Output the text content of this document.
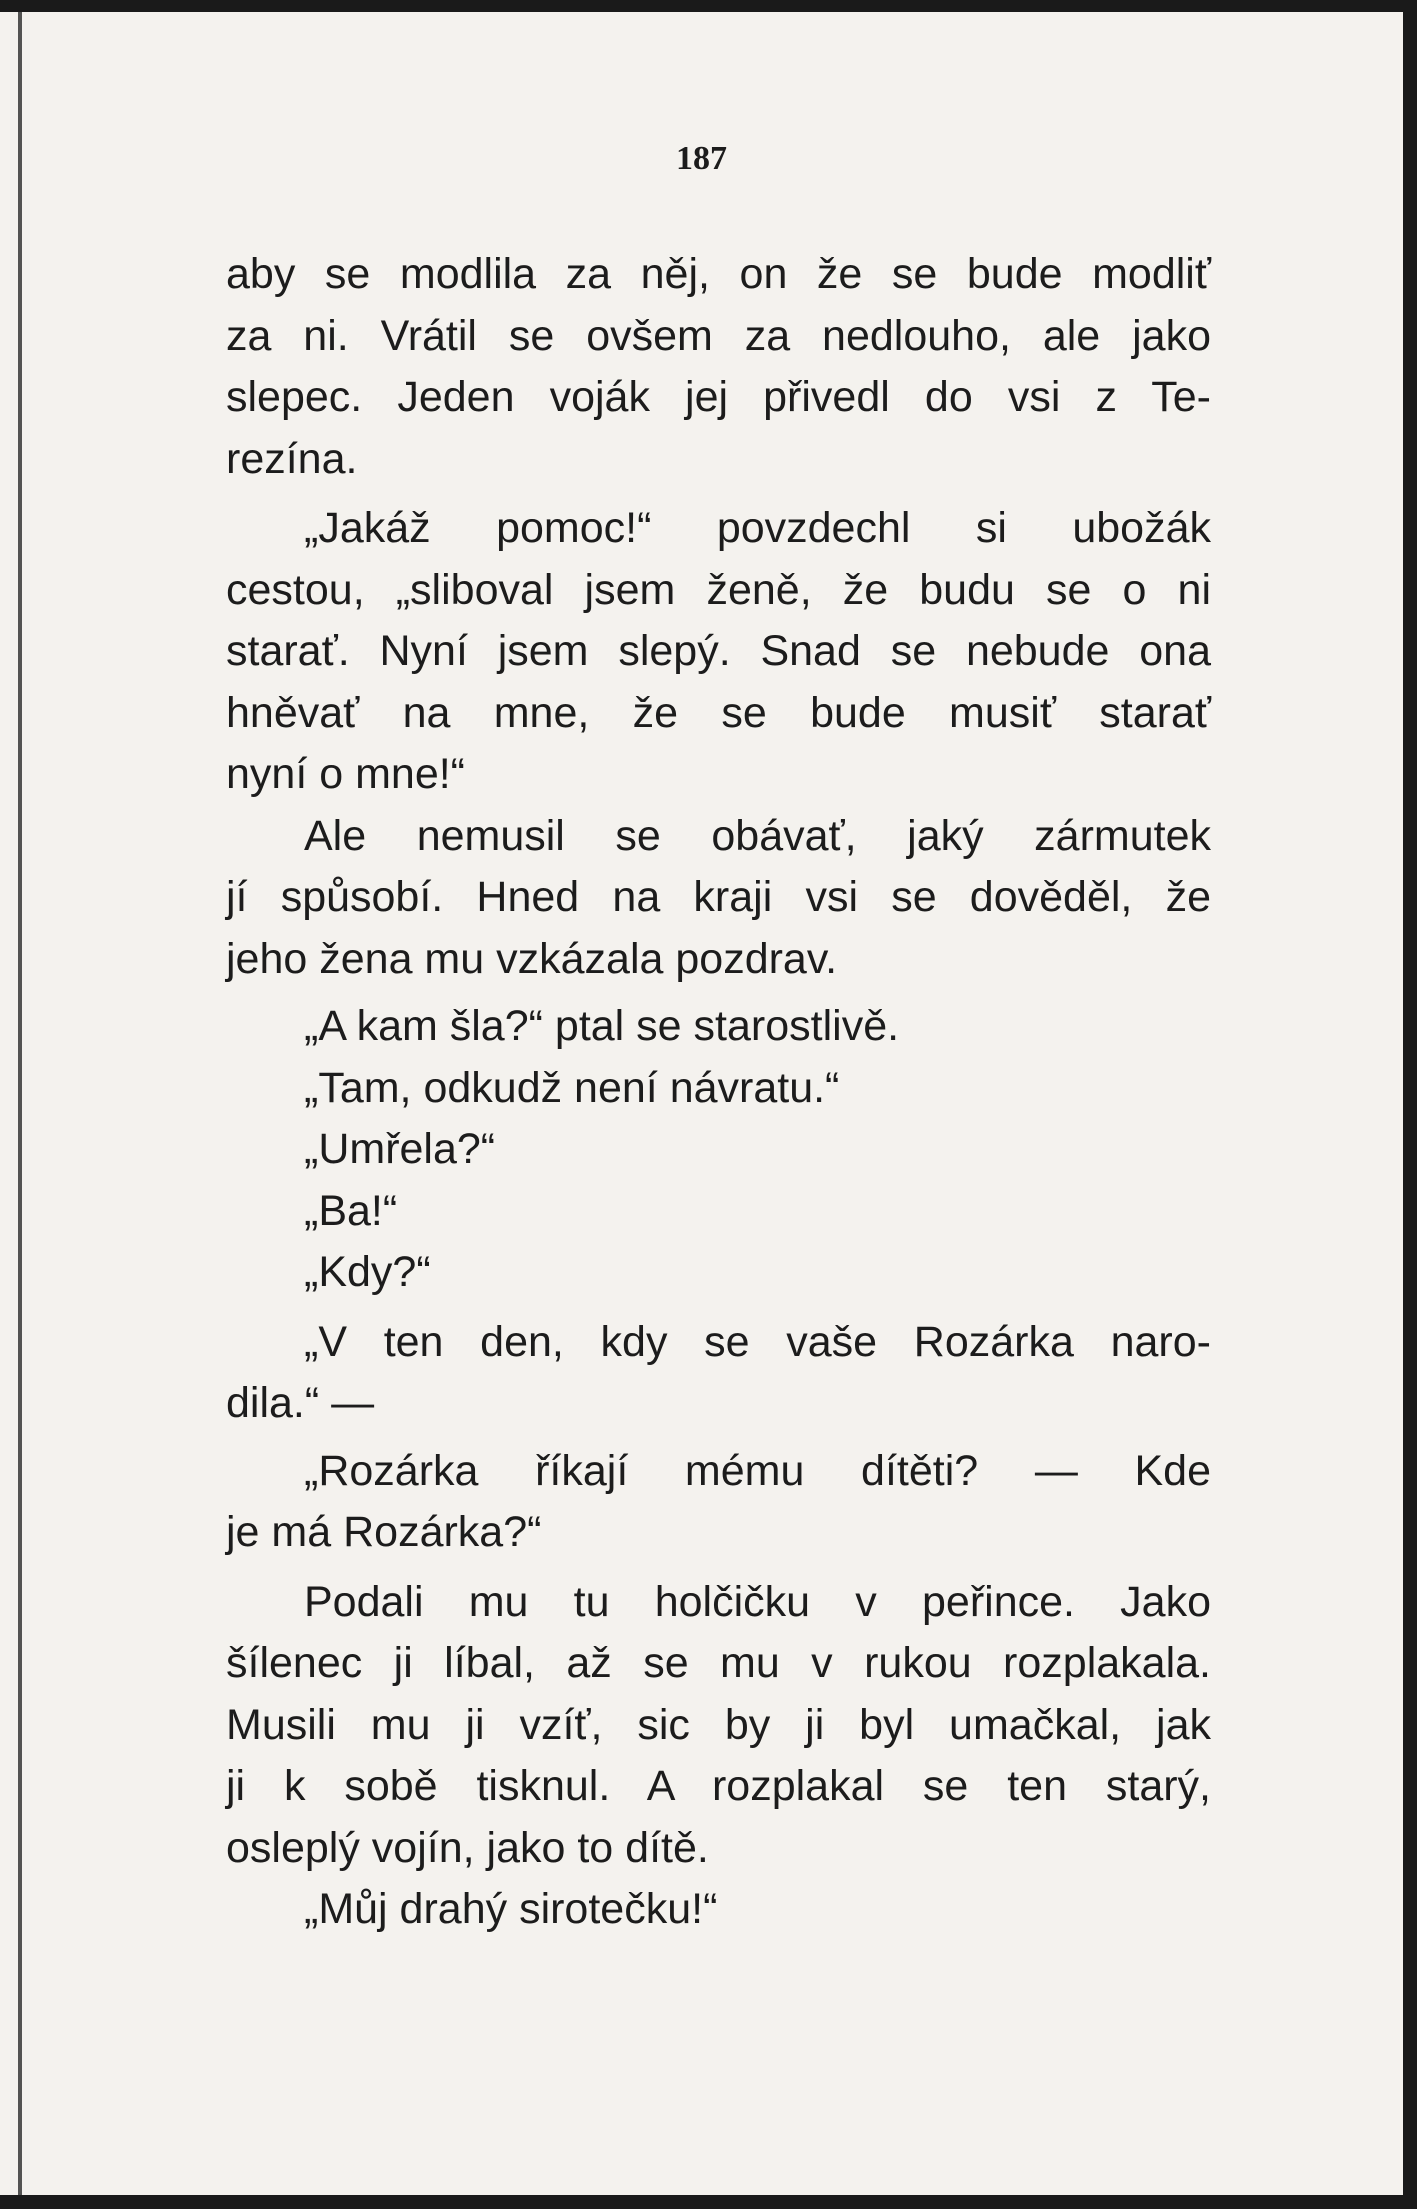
187
aby se modlila za něj, on že se bude modliť
za ni. Vrátil se ovšem za nedlouho, ale jako
slepec. Jeden voják jej přivedl do vsi z Te-
rezína.
„Jakáž pomoc!“ povzdechl si ubožák
cestou, „sliboval jsem ženě, že budu se o ni
starať. Nyní jsem slepý. Snad se nebude ona
hněvať na mne, že se bude musiť starať
nyní o mne!“
Ale nemusil se obávať, jaký zármutek
jí spůsobí. Hned na kraji vsi se dověděl, že
jeho žena mu vzkázala pozdrav.
„A kam šla?“ ptal se starostlivě.
„Tam, odkudž není návratu.“
„Umřela?“
„Ba!“
„Kdy?“
„V ten den, kdy se vaše Rozárka naro-
dila.“ —
„Rozárka říkají mému dítěti? — Kde
je má Rozárka?“
Podali mu tu holčičku v peřince. Jako
šílenec ji líbal, až se mu v rukou rozplakala.
Musili mu ji vzíť, sic by ji byl umačkal, jak
ji k sobě tisknul. A rozplakal se ten starý,
osleplý vojín, jako to dítě.
„Můj drahý sirotečku!“
